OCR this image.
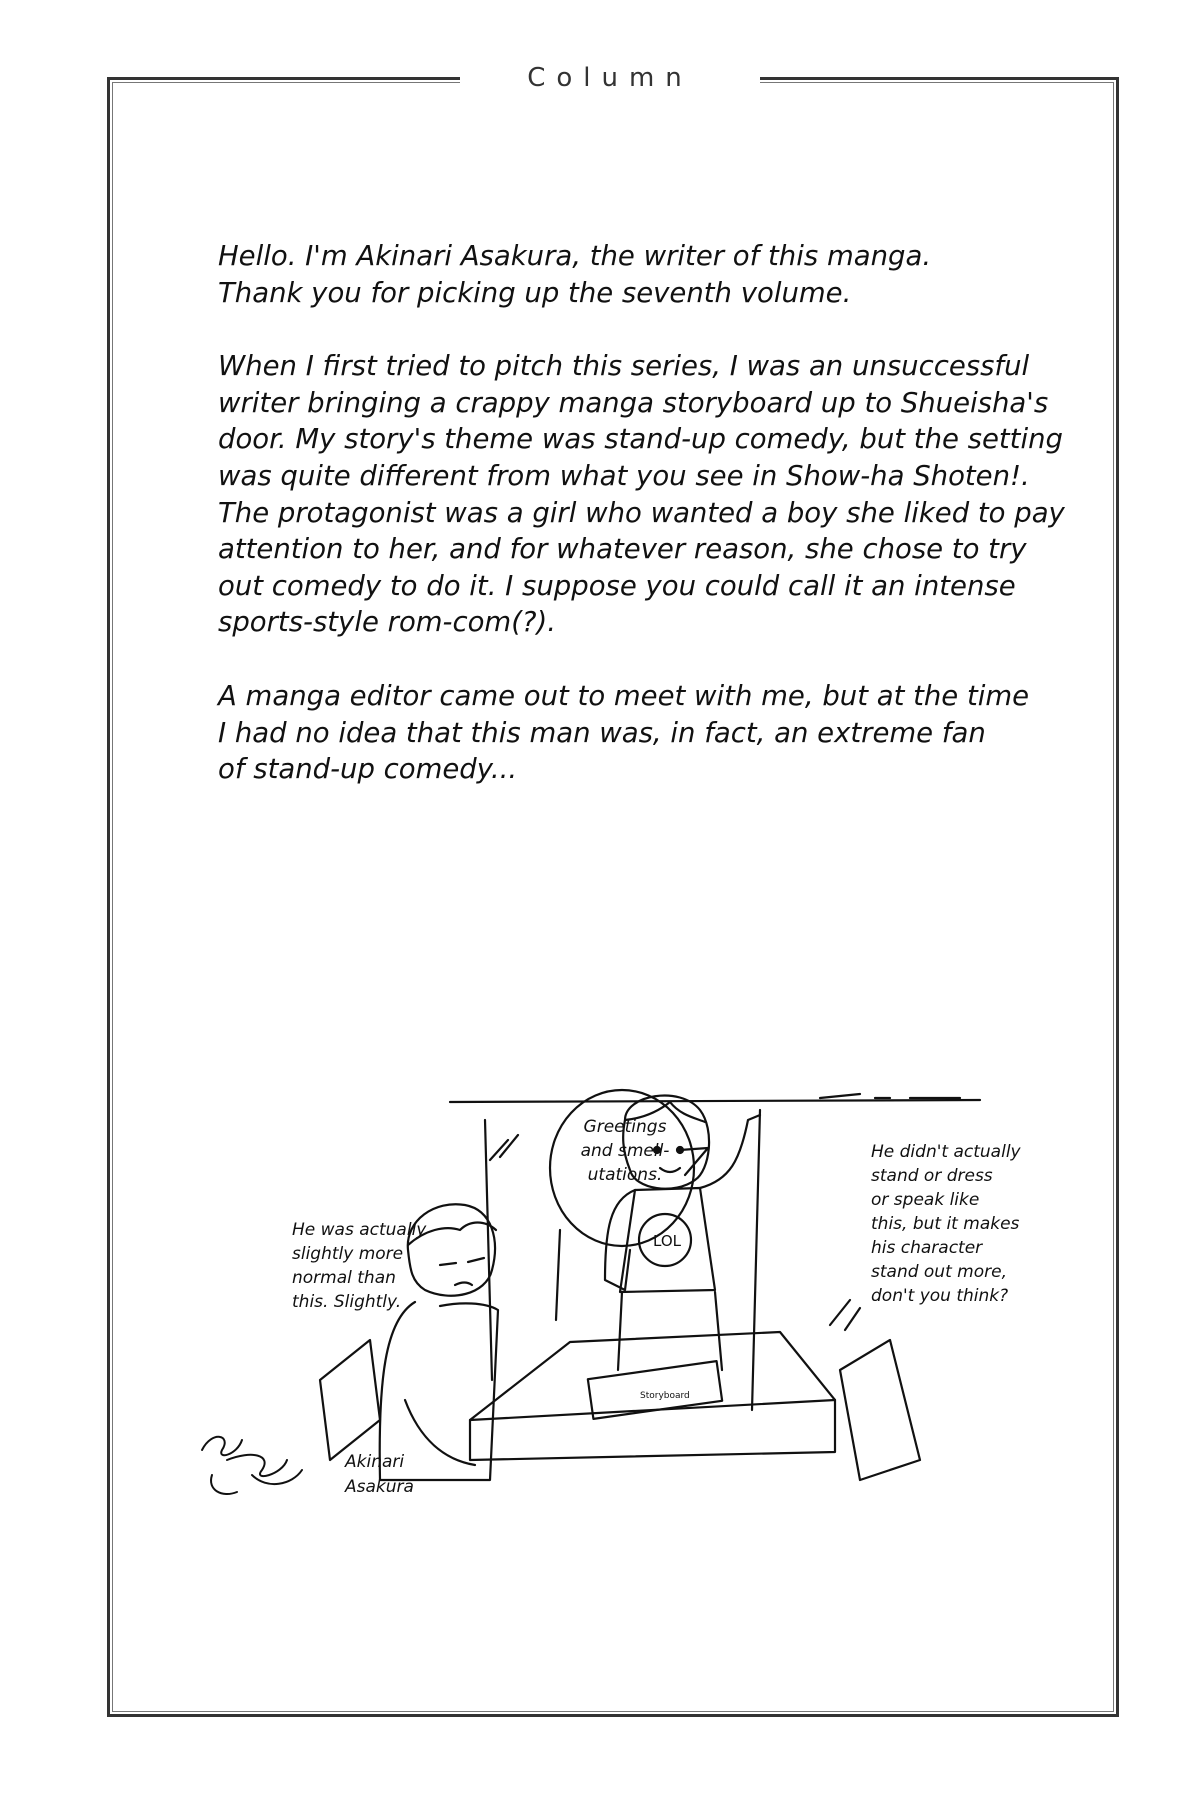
Column

Hello. I'm Akinari Asakura, the writer of this manga.
Thank you for picking up the seventh volume.

When I first tried to pitch this series, I was an unsuccessful
writer bringing a crappy manga storyboard up to Shueisha's
door. My story's theme was stand-up comedy, but the setting
was quite different from what you see in Show-ha Shoten!.
The protagonist was a girl who wanted a boy she liked to pay
attention to her, and for whatever reason, she chose to try
out comedy to do it. I suppose you could call it an intense
sports-style rom-com(?).

A manga editor came out to meet with me, but at the time
I had no idea that this man was, in fact, an extreme fan
of stand-up comedy...

LOL
Storyboard
Greetings
and smell-
utations.
He was actually
slightly more
normal than
this. Slightly.
He didn't actually
stand or dress
or speak like
this, but it makes
his character
stand out more,
don't you think?
Akinari
Asakura
